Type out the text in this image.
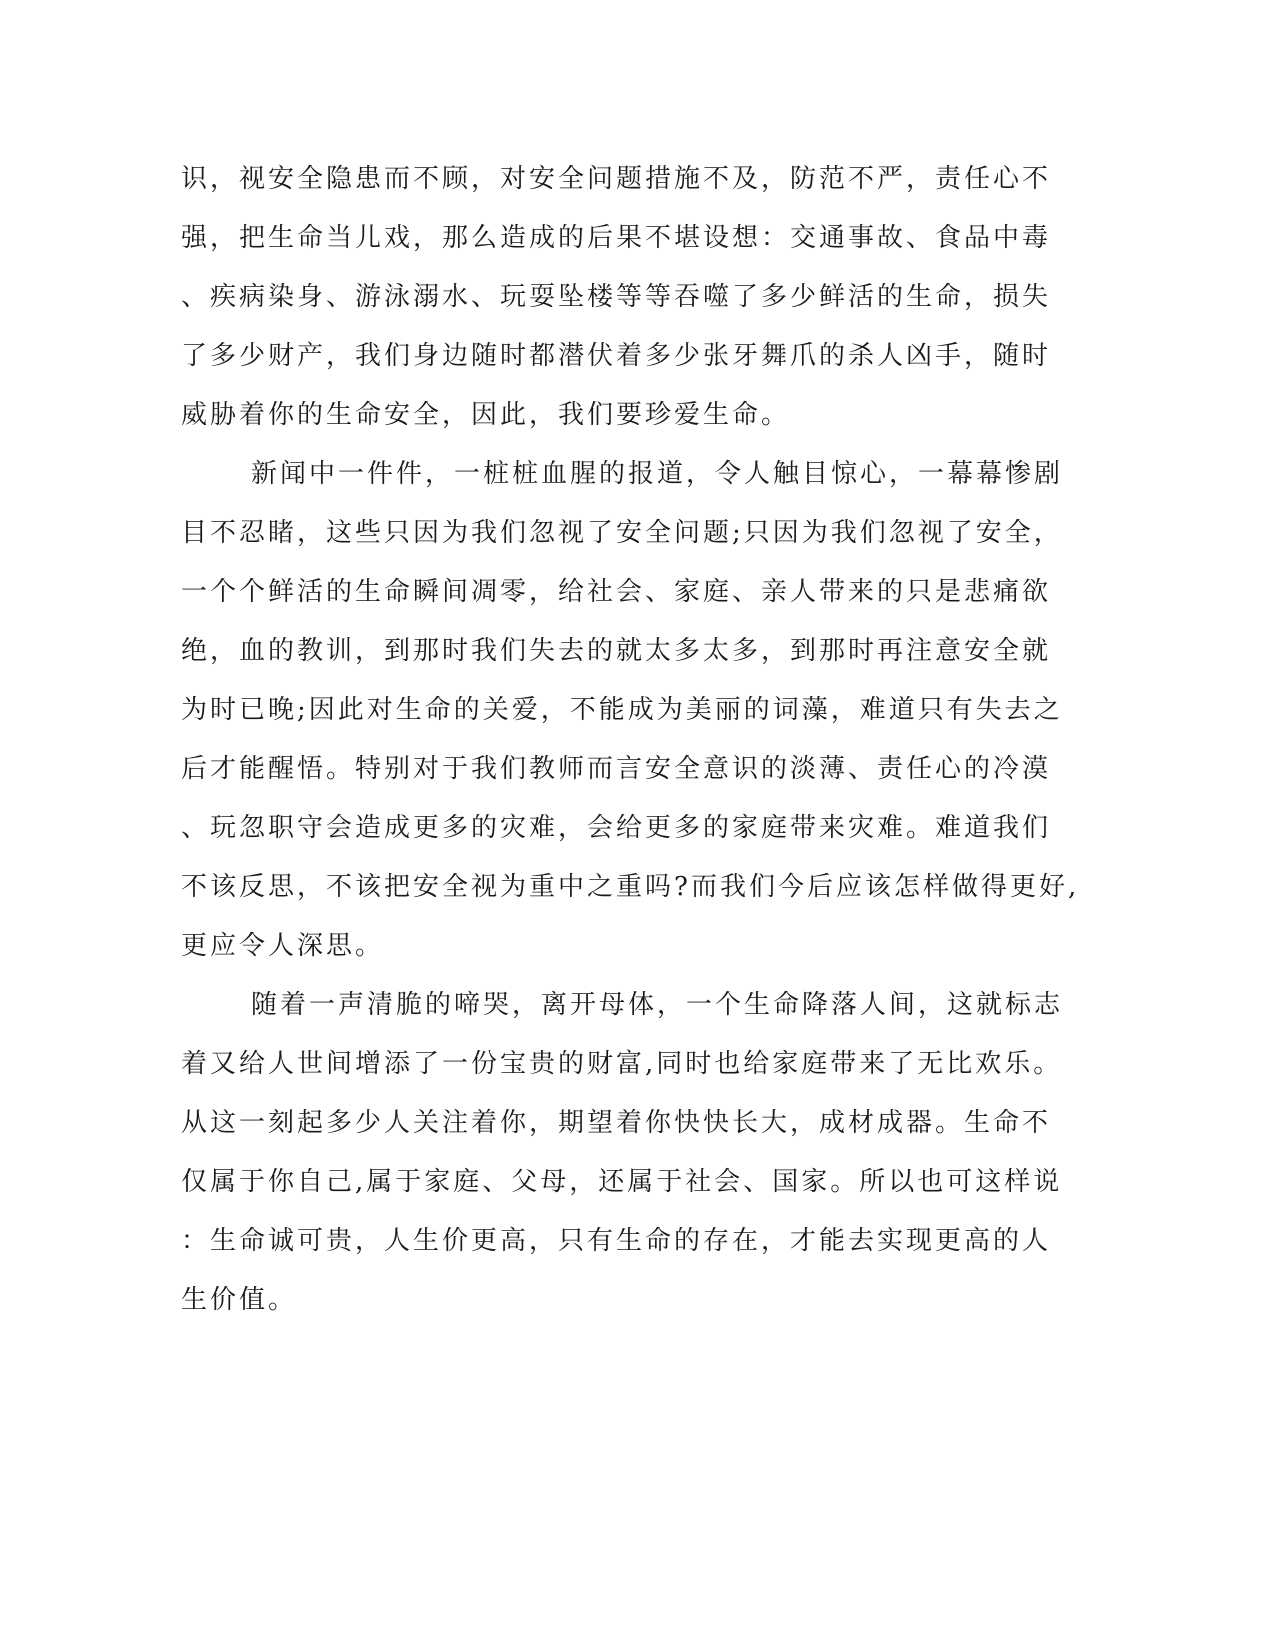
识，视安全隐患而不顾，对安全问题措施不及，防范不严，责任心不
强，把生命当儿戏，那么造成的后果不堪设想：交通事故、食品中毒
、疾病染身、游泳溺水、玩耍坠楼等等吞噬了多少鲜活的生命，损失
了多少财产，我们身边随时都潜伏着多少张牙舞爪的杀人凶手，随时
威胁着你的生命安全，因此，我们要珍爱生命。
新闻中一件件，一桩桩血腥的报道，令人触目惊心，一幕幕惨剧
目不忍睹，这些只因为我们忽视了安全问题;只因为我们忽视了安全，
一个个鲜活的生命瞬间凋零，给社会、家庭、亲人带来的只是悲痛欲
绝，血的教训，到那时我们失去的就太多太多，到那时再注意安全就
为时已晚;因此对生命的关爱，不能成为美丽的词藻，难道只有失去之
后才能醒悟。特别对于我们教师而言安全意识的淡薄、责任心的冷漠
、玩忽职守会造成更多的灾难，会给更多的家庭带来灾难。难道我们
不该反思，不该把安全视为重中之重吗?而我们今后应该怎样做得更好,
更应令人深思。
随着一声清脆的啼哭，离开母体，一个生命降落人间，这就标志
着又给人世间增添了一份宝贵的财富,同时也给家庭带来了无比欢乐。
从这一刻起多少人关注着你，期望着你快快长大，成材成器。生命不
仅属于你自己,属于家庭、父母，还属于社会、国家。所以也可这样说
：生命诚可贵，人生价更高，只有生命的存在，才能去实现更高的人
生价值。
